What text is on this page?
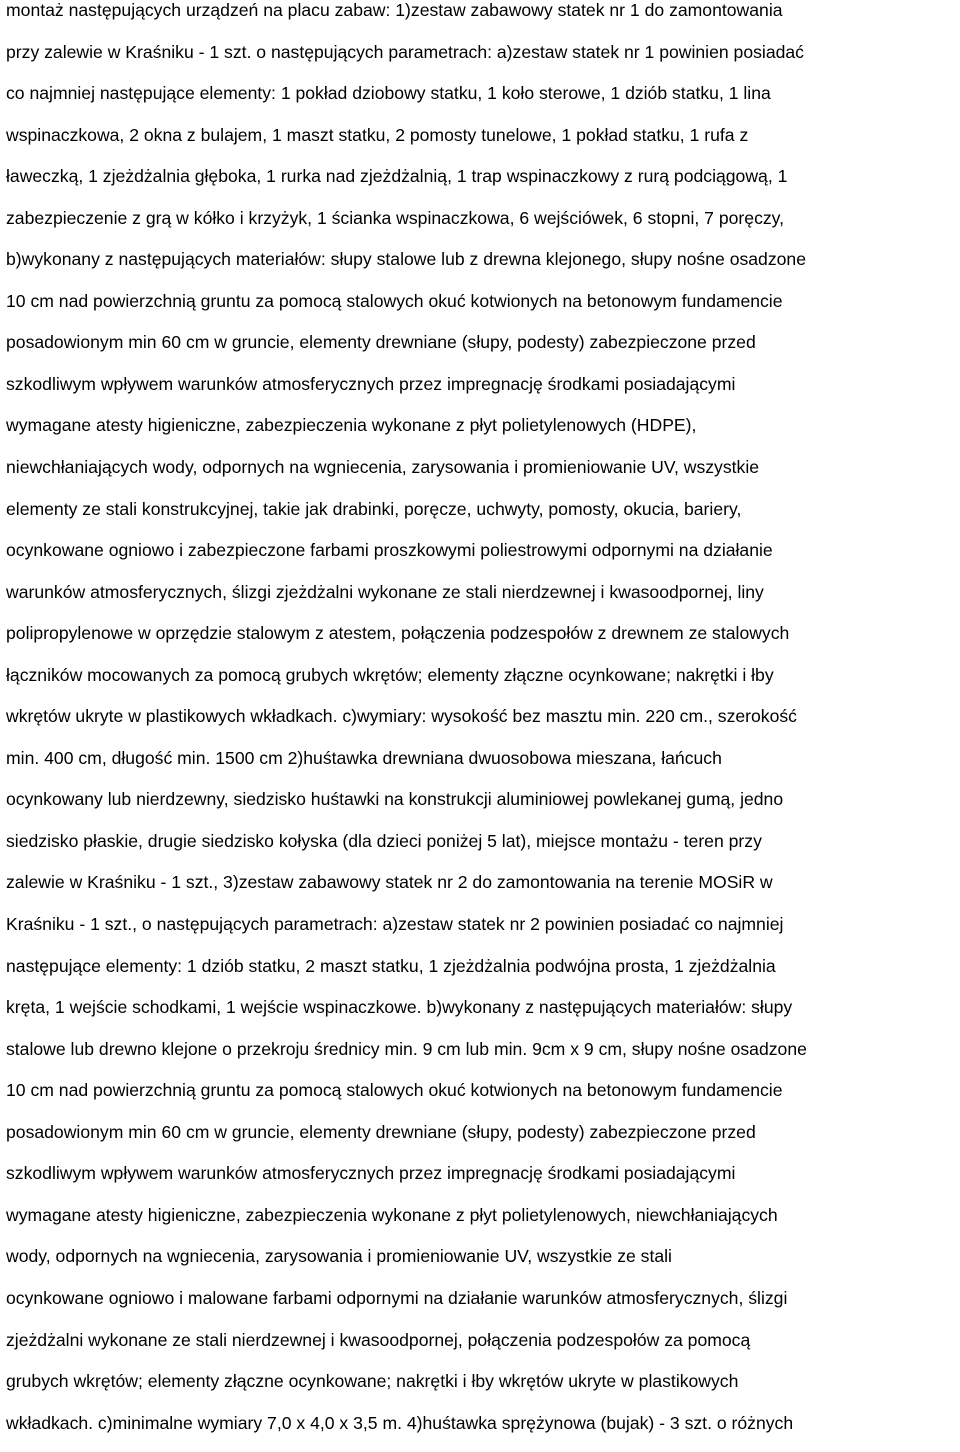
montaż następujących urządzeń na placu zabaw: 1)zestaw zabawowy statek nr 1 do zamontowania
przy zalewie w Kraśniku - 1 szt. o następujących parametrach: a)zestaw statek nr 1 powinien posiadać
co najmniej następujące elementy: 1 pokład dziobowy statku, 1 koło sterowe, 1 dziób statku, 1 lina
wspinaczkowa, 2 okna z bulajem, 1 maszt statku, 2 pomosty tunelowe, 1 pokład statku, 1 rufa z
ławeczką, 1 zjeżdżalnia głęboka, 1 rurka nad zjeżdżalnią, 1 trap wspinaczkowy z rurą podciągową, 1
zabezpieczenie z grą w kółko i krzyżyk, 1 ścianka wspinaczkowa, 6 wejściówek, 6 stopni, 7 poręczy,
b)wykonany z następujących materiałów: słupy stalowe lub z drewna klejonego, słupy nośne osadzone
10 cm nad powierzchnią gruntu za pomocą stalowych okuć kotwionych na betonowym fundamencie
posadowionym min 60 cm w gruncie, elementy drewniane (słupy, podesty) zabezpieczone przed
szkodliwym wpływem warunków atmosferycznych przez impregnację środkami posiadającymi
wymagane atesty higieniczne, zabezpieczenia wykonane z płyt polietylenowych (HDPE),
niewchłaniających wody, odpornych na wgniecenia, zarysowania i promieniowanie UV, wszystkie
elementy ze stali konstrukcyjnej, takie jak drabinki, poręcze, uchwyty, pomosty, okucia, bariery,
ocynkowane ogniowo i zabezpieczone farbami proszkowymi poliestrowymi odpornymi na działanie
warunków atmosferycznych, ślizgi zjeżdżalni wykonane ze stali nierdzewnej i kwasoodpornej, liny
polipropylenowe w oprzędzie stalowym z atestem, połączenia podzespołów z drewnem ze stalowych
łączników mocowanych za pomocą grubych wkrętów; elementy złączne ocynkowane; nakrętki i łby
wkrętów ukryte w plastikowych wkładkach. c)wymiary: wysokość bez masztu min. 220 cm., szerokość
min. 400 cm, długość min. 1500 cm 2)huśtawka drewniana dwuosobowa mieszana, łańcuch
ocynkowany lub nierdzewny, siedzisko huśtawki na konstrukcji aluminiowej powlekanej gumą, jedno
siedzisko płaskie, drugie siedzisko kołyska (dla dzieci poniżej 5 lat), miejsce montażu - teren przy
zalewie w Kraśniku - 1 szt., 3)zestaw zabawowy statek nr 2 do zamontowania na terenie MOSiR w
Kraśniku - 1 szt., o następujących parametrach: a)zestaw statek nr 2 powinien posiadać co najmniej
następujące elementy: 1 dziób statku, 2 maszt statku, 1 zjeżdżalnia podwójna prosta, 1 zjeżdżalnia
kręta, 1 wejście schodkami, 1 wejście wspinaczkowe. b)wykonany z następujących materiałów: słupy
stalowe lub drewno klejone o przekroju średnicy min. 9 cm lub min. 9cm x 9 cm, słupy nośne osadzone
10 cm nad powierzchnią gruntu za pomocą stalowych okuć kotwionych na betonowym fundamencie
posadowionym min 60 cm w gruncie, elementy drewniane (słupy, podesty) zabezpieczone przed
szkodliwym wpływem warunków atmosferycznych przez impregnację środkami posiadającymi
wymagane atesty higieniczne, zabezpieczenia wykonane z płyt polietylenowych, niewchłaniających
wody, odpornych na wgniecenia, zarysowania i promieniowanie UV, wszystkie ze stali
ocynkowane ogniowo i malowane farbami odpornymi na działanie warunków atmosferycznych, ślizgi
zjeżdżalni wykonane ze stali nierdzewnej i kwasoodpornej, połączenia podzespołów za pomocą
grubych wkrętów; elementy złączne ocynkowane; nakrętki i łby wkrętów ukryte w plastikowych
wkładkach. c)minimalne wymiary 7,0 x 4,0 x 3,5 m. 4)huśtawka sprężynowa (bujak) - 3 szt. o różnych
